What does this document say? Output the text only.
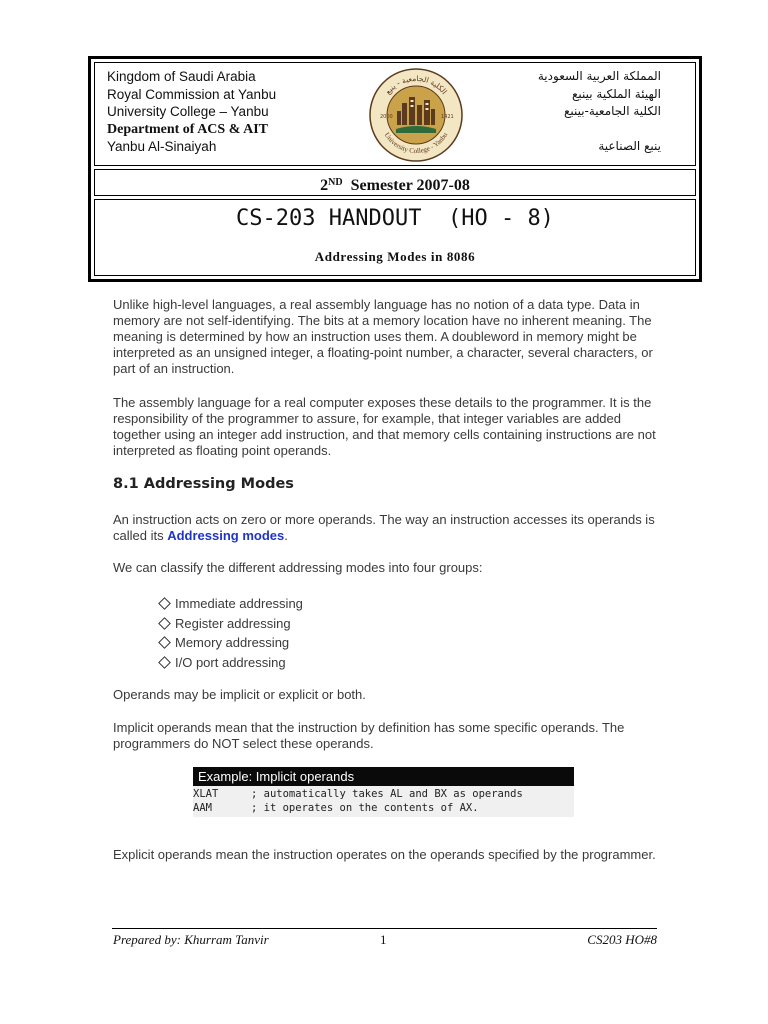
Kingdom of Saudi Arabia
Royal Commission at Yanbu
University College – Yanbu
Department of ACS & AIT
Yanbu Al-Sinaiyah
الكلية الجامعية - ينبع
University College - Yanbu
2000	1421
المملكة العربية السعودية
الهيئة الملكية بينبع
الكلية الجامعية-بينبع
ينبع الصناعية
2ND Semester 2007-08
CS-203 HANDOUT  (HO - 8)
Addressing Modes in 8086

Unlike high-level languages, a real assembly language has no notion of a data type. Data in memory are not self-identifying. The bits at a memory location have no inherent meaning. The meaning is determined by how an instruction uses them. A doubleword in memory might be interpreted as an unsigned integer, a floating-point number, a character, several characters, or part of an instruction.

The assembly language for a real computer exposes these details to the programmer. It is the responsibility of the programmer to assure, for example, that integer variables are added together using an integer add instruction, and that memory cells containing instructions are not interpreted as floating point operands.

8.1 Addressing Modes

An instruction acts on zero or more operands. The way an instruction accesses its operands is called its Addressing modes.

We can classify the different addressing modes into four groups:

Immediate addressing
Register addressing
Memory addressing
I/O port addressing

Operands may be implicit or explicit or both.

Implicit operands mean that the instruction by definition has some specific operands. The programmers do NOT select these operands.

Example: Implicit operands
XLAT	; automatically takes AL and BX as operands
AAM	; it operates on the contents of AX.

Explicit operands mean the instruction operates on the operands specified by the programmer.

Prepared by: Khurram Tanvir	1	CS203 HO#8
